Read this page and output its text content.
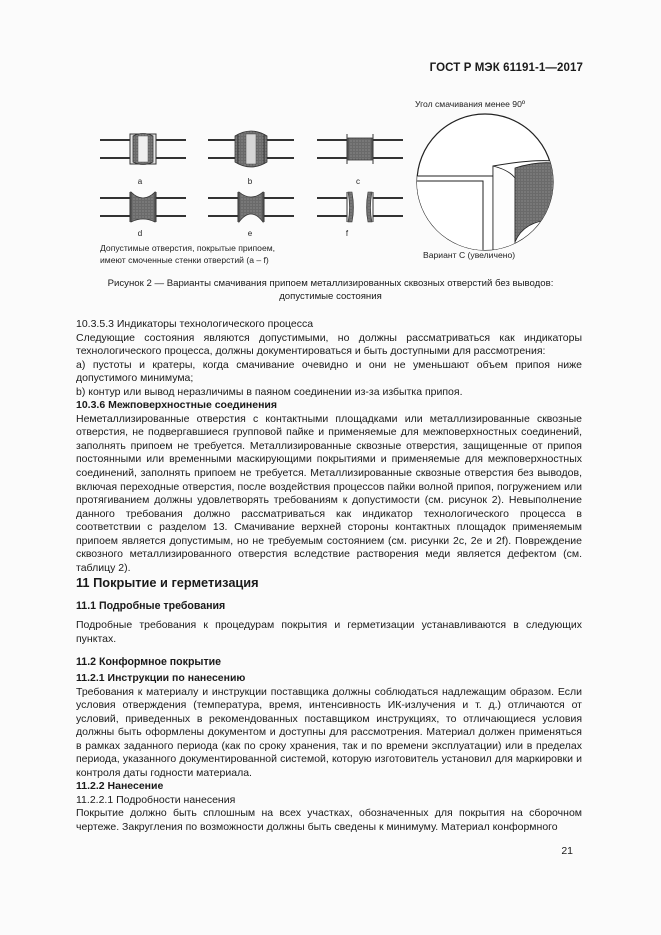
ГОСТ Р МЭК 61191-1—2017
a	b	c
d	e	f
Допустимые отверстия, покрытые припоем,
имеют смоченные стенки отверстий (a – f)
Угол смачивания менее 90º
Вариант С (увеличено)
Рисунок 2 — Варианты смачивания припоем металлизированных сквозных отверстий без выводов:
допустимые состояния

10.3.5.3 Индикаторы технологического процесса

Следующие состояния являются допустимыми, но должны рассматриваться как индикаторы технологического процесса, должны документироваться и быть доступными для рассмотрения:

а) пустоты и кратеры, когда смачивание очевидно и они не уменьшают объем припоя ниже допустимого минимума;

b) контур или вывод неразличимы в паяном соединении из-за избытка припоя.

10.3.6 Межповерхностные соединения

Неметаллизированные отверстия с контактными площадками или металлизированные сквозные отверстия, не подвергавшиеся групповой пайке и применяемые для межповерхностных соединений, заполнять припоем не требуется. Металлизированные сквозные отверстия, защищенные от припоя постоянными или временными маскирующими покрытиями и применяемые для межповерхностных соединений, заполнять припоем не требуется. Металлизированные сквозные отверстия без выводов, включая переходные отверстия, после воздействия процессов пайки волной припоя, погружением или протягиванием должны удовлетворять требованиям к допустимости (см. рисунок 2). Невыполнение данного требования должно рассматриваться как индикатор технологического процесса в соответствии с разделом 13. Смачивание верхней стороны контактных площадок применяемым припоем является допустимым, но не требуемым состоянием (см. рисунки 2с, 2е и 2f). Повреждение сквозного металлизированного отверстия вследствие растворения меди является дефектом (см. таблицу 2).

11 Покрытие и герметизация
11.1 Подробные требования

Подробные требования к процедурам покрытия и герметизации устанавливаются в следующих пунктах.

11.2 Конформное покрытие

11.2.1 Инструкции по нанесению

Требования к материалу и инструкции поставщика должны соблюдаться надлежащим образом. Если условия отверждения (температура, время, интенсивность ИК-излучения и т. д.) отличаются от условий, приведенных в рекомендованных поставщиком инструкциях, то отличающиеся условия должны быть оформлены документом и доступны для рассмотрения. Материал должен применяться в рамках заданного периода (как по сроку хранения, так и по времени эксплуатации) или в пределах периода, указанного документированной системой, которую изготовитель установил для маркировки и контроля даты годности материала.

11.2.2 Нанесение

11.2.2.1 Подробности нанесения

Покрытие должно быть сплошным на всех участках, обозначенных для покрытия на сборочном чертеже. Закругления по возможности должны быть сведены к минимуму. Материал конформного

21
